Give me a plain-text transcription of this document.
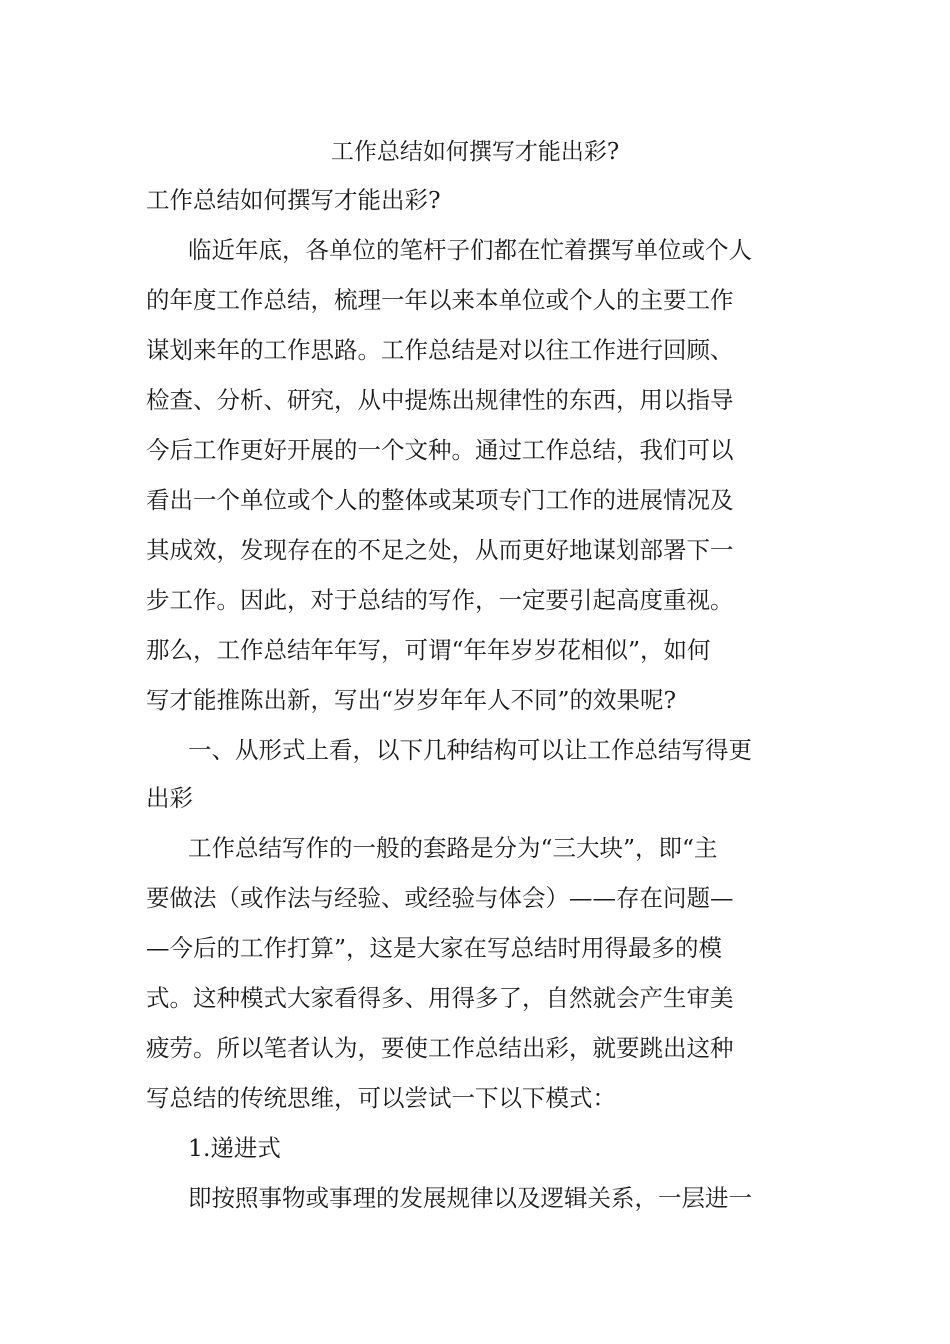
工作总结如何撰写才能出彩?
工作总结如何撰写才能出彩?
临近年底，各单位的笔杆子们都在忙着撰写单位或个人
的年度工作总结，梳理一年以来本单位或个人的主要工作
谋划来年的工作思路。工作总结是对以往工作进行回顾、
检查、分析、研究，从中提炼出规律性的东西，用以指导
今后工作更好开展的一个文种。通过工作总结，我们可以
看出一个单位或个人的整体或某项专门工作的进展情况及
其成效，发现存在的不足之处，从而更好地谋划部署下一
步工作。因此，对于总结的写作，一定要引起高度重视。
那么，工作总结年年写，可谓“年年岁岁花相似”，如何
写才能推陈出新，写出“岁岁年年人不同”的效果呢?
一、从形式上看，以下几种结构可以让工作总结写得更
出彩
工作总结写作的一般的套路是分为“三大块”，即“主
要做法（或作法与经验、或经验与体会）——存在问题—
—今后的工作打算”，这是大家在写总结时用得最多的模
式。这种模式大家看得多、用得多了，自然就会产生审美
疲劳。所以笔者认为，要使工作总结出彩，就要跳出这种
写总结的传统思维，可以尝试一下以下模式：
1.递进式
即按照事物或事理的发展规律以及逻辑关系，一层进一
